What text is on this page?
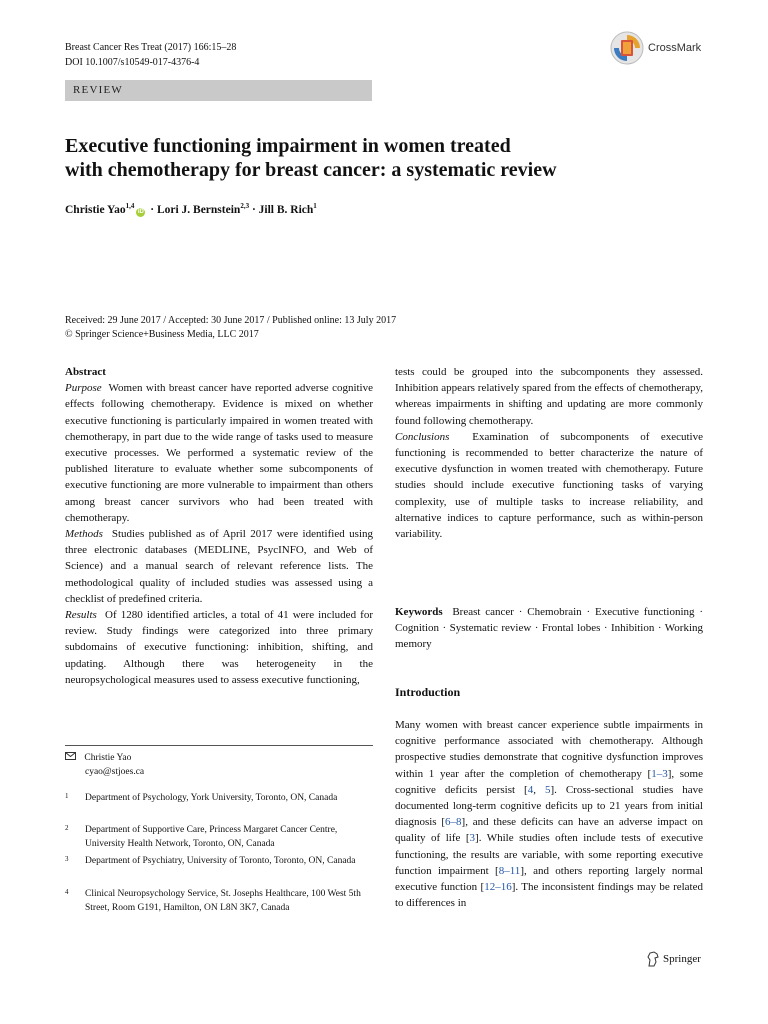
Breast Cancer Res Treat (2017) 166:15–28
DOI 10.1007/s10549-017-4376-4
CrossMark
REVIEW
Executive functioning impairment in women treated
with chemotherapy for breast cancer: a systematic review
Christie Yao$^{1,4}$iD · Lori J. Bernstein$^{2,3}$ · Jill B. Rich$^1$
Received: 29 June 2017 / Accepted: 30 June 2017 / Published online: 13 July 2017
© Springer Science+Business Media, LLC 2017

Abstract

Purpose Women with breast cancer have reported adverse cognitive effects following chemotherapy. Evidence is mixed on whether executive functioning is particularly impaired in women treated with chemotherapy, in part due to the wide range of tasks used to measure executive processes. We performed a systematic review of the published literature to evaluate whether some subcomponents of executive functioning are more vulnerable to impairment than others among breast cancer survivors who had been treated with chemotherapy.

Methods Studies published as of April 2017 were identified using three electronic databases (MEDLINE, PsycINFO, and Web of Science) and a manual search of relevant reference lists. The methodological quality of included studies was assessed using a checklist of predefined criteria.

Results Of 1280 identified articles, a total of 41 were included for review. Study findings were categorized into three primary subdomains of executive functioning: inhibition, shifting, and updating. Although there was heterogeneity in the neuropsychological measures used to assess executive functioning,

tests could be grouped into the subcomponents they assessed. Inhibition appears relatively spared from the effects of chemotherapy, whereas impairments in shifting and updating are more commonly found following chemotherapy.

Conclusions Examination of subcomponents of executive functioning is recommended to better characterize the nature of executive dysfunction in women treated with chemotherapy. Future studies should include executive functioning tasks of varying complexity, use of multiple tasks to increase reliability, and alternative indices to capture performance, such as within-person variability.

Keywords Breast cancer · Chemobrain · Executive functioning · Cognition · Systematic review · Frontal lobes · Inhibition · Working memory
Introduction

Many women with breast cancer experience subtle impairments in cognitive performance associated with chemotherapy. Although prospective studies demonstrate that cognitive dysfunction improves within 1 year after the completion of chemotherapy [1–3], some cognitive deficits persist [4, 5]. Cross-sectional studies have documented long-term cognitive deficits up to 21 years from initial diagnosis [6–8], and these deficits can have an adverse impact on quality of life [3]. While studies often include tests of executive functioning, the results are variable, with some reporting executive function impairment [8–11], and others reporting largely normal executive function [12–16]. The inconsistent findings may be related to differences in

Christie Yao
cyao@stjoes.ca
1 Department of Psychology, York University, Toronto, ON, Canada
2 Department of Supportive Care, Princess Margaret Cancer Centre, University Health Network, Toronto, ON, Canada
3 Department of Psychiatry, University of Toronto, Toronto, ON, Canada
4 Clinical Neuropsychology Service, St. Josephs Healthcare, 100 West 5th Street, Room G191, Hamilton, ON L8N 3K7, Canada
Springer
